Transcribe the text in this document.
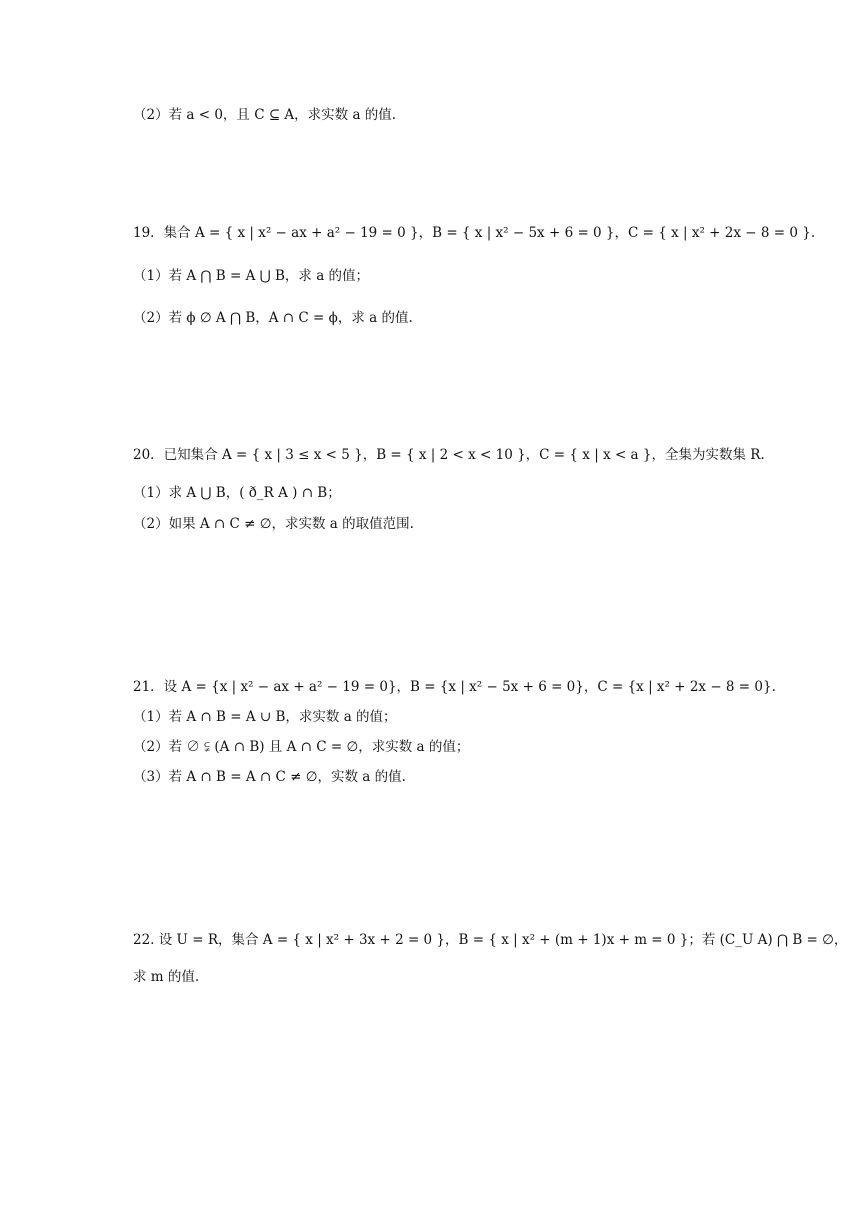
（2）若 a < 0，且 C ⊆ A，求实数 a 的值.
19．集合 A = { x | x² − ax + a² − 19 = 0 }，B = { x | x² − 5x + 6 = 0 }，C = { x | x² + 2x − 8 = 0 }.
（1）若 A ⋂ B = A ⋃ B，求 a 的值；
（2）若 ϕ ∅ A ⋂ B，A ∩ C = ϕ，求 a 的值.
20．已知集合 A = { x | 3 ≤ x < 5 }，B = { x | 2 < x < 10 }，C = { x | x < a }，全集为实数集 R.
（1）求 A ⋃ B，( ð_R A ) ∩ B；
（2）如果 A ∩ C ≠ ∅，求实数 a 的取值范围.
21．设 A = {x | x² − ax + a² − 19 = 0}，B = {x | x² − 5x + 6 = 0}，C = {x | x² + 2x − 8 = 0}.
（1）若 A ∩ B = A ∪ B，求实数 a 的值；
（2）若 ∅ ⫋ (A ∩ B) 且 A ∩ C = ∅，求实数 a 的值；
（3）若 A ∩ B = A ∩ C ≠ ∅，实数 a 的值.
22. 设 U = R，集合 A = { x | x² + 3x + 2 = 0 }，B = { x | x² + (m + 1)x + m = 0 }；若 (C_U A) ⋂ B = ∅，
求 m 的值.
